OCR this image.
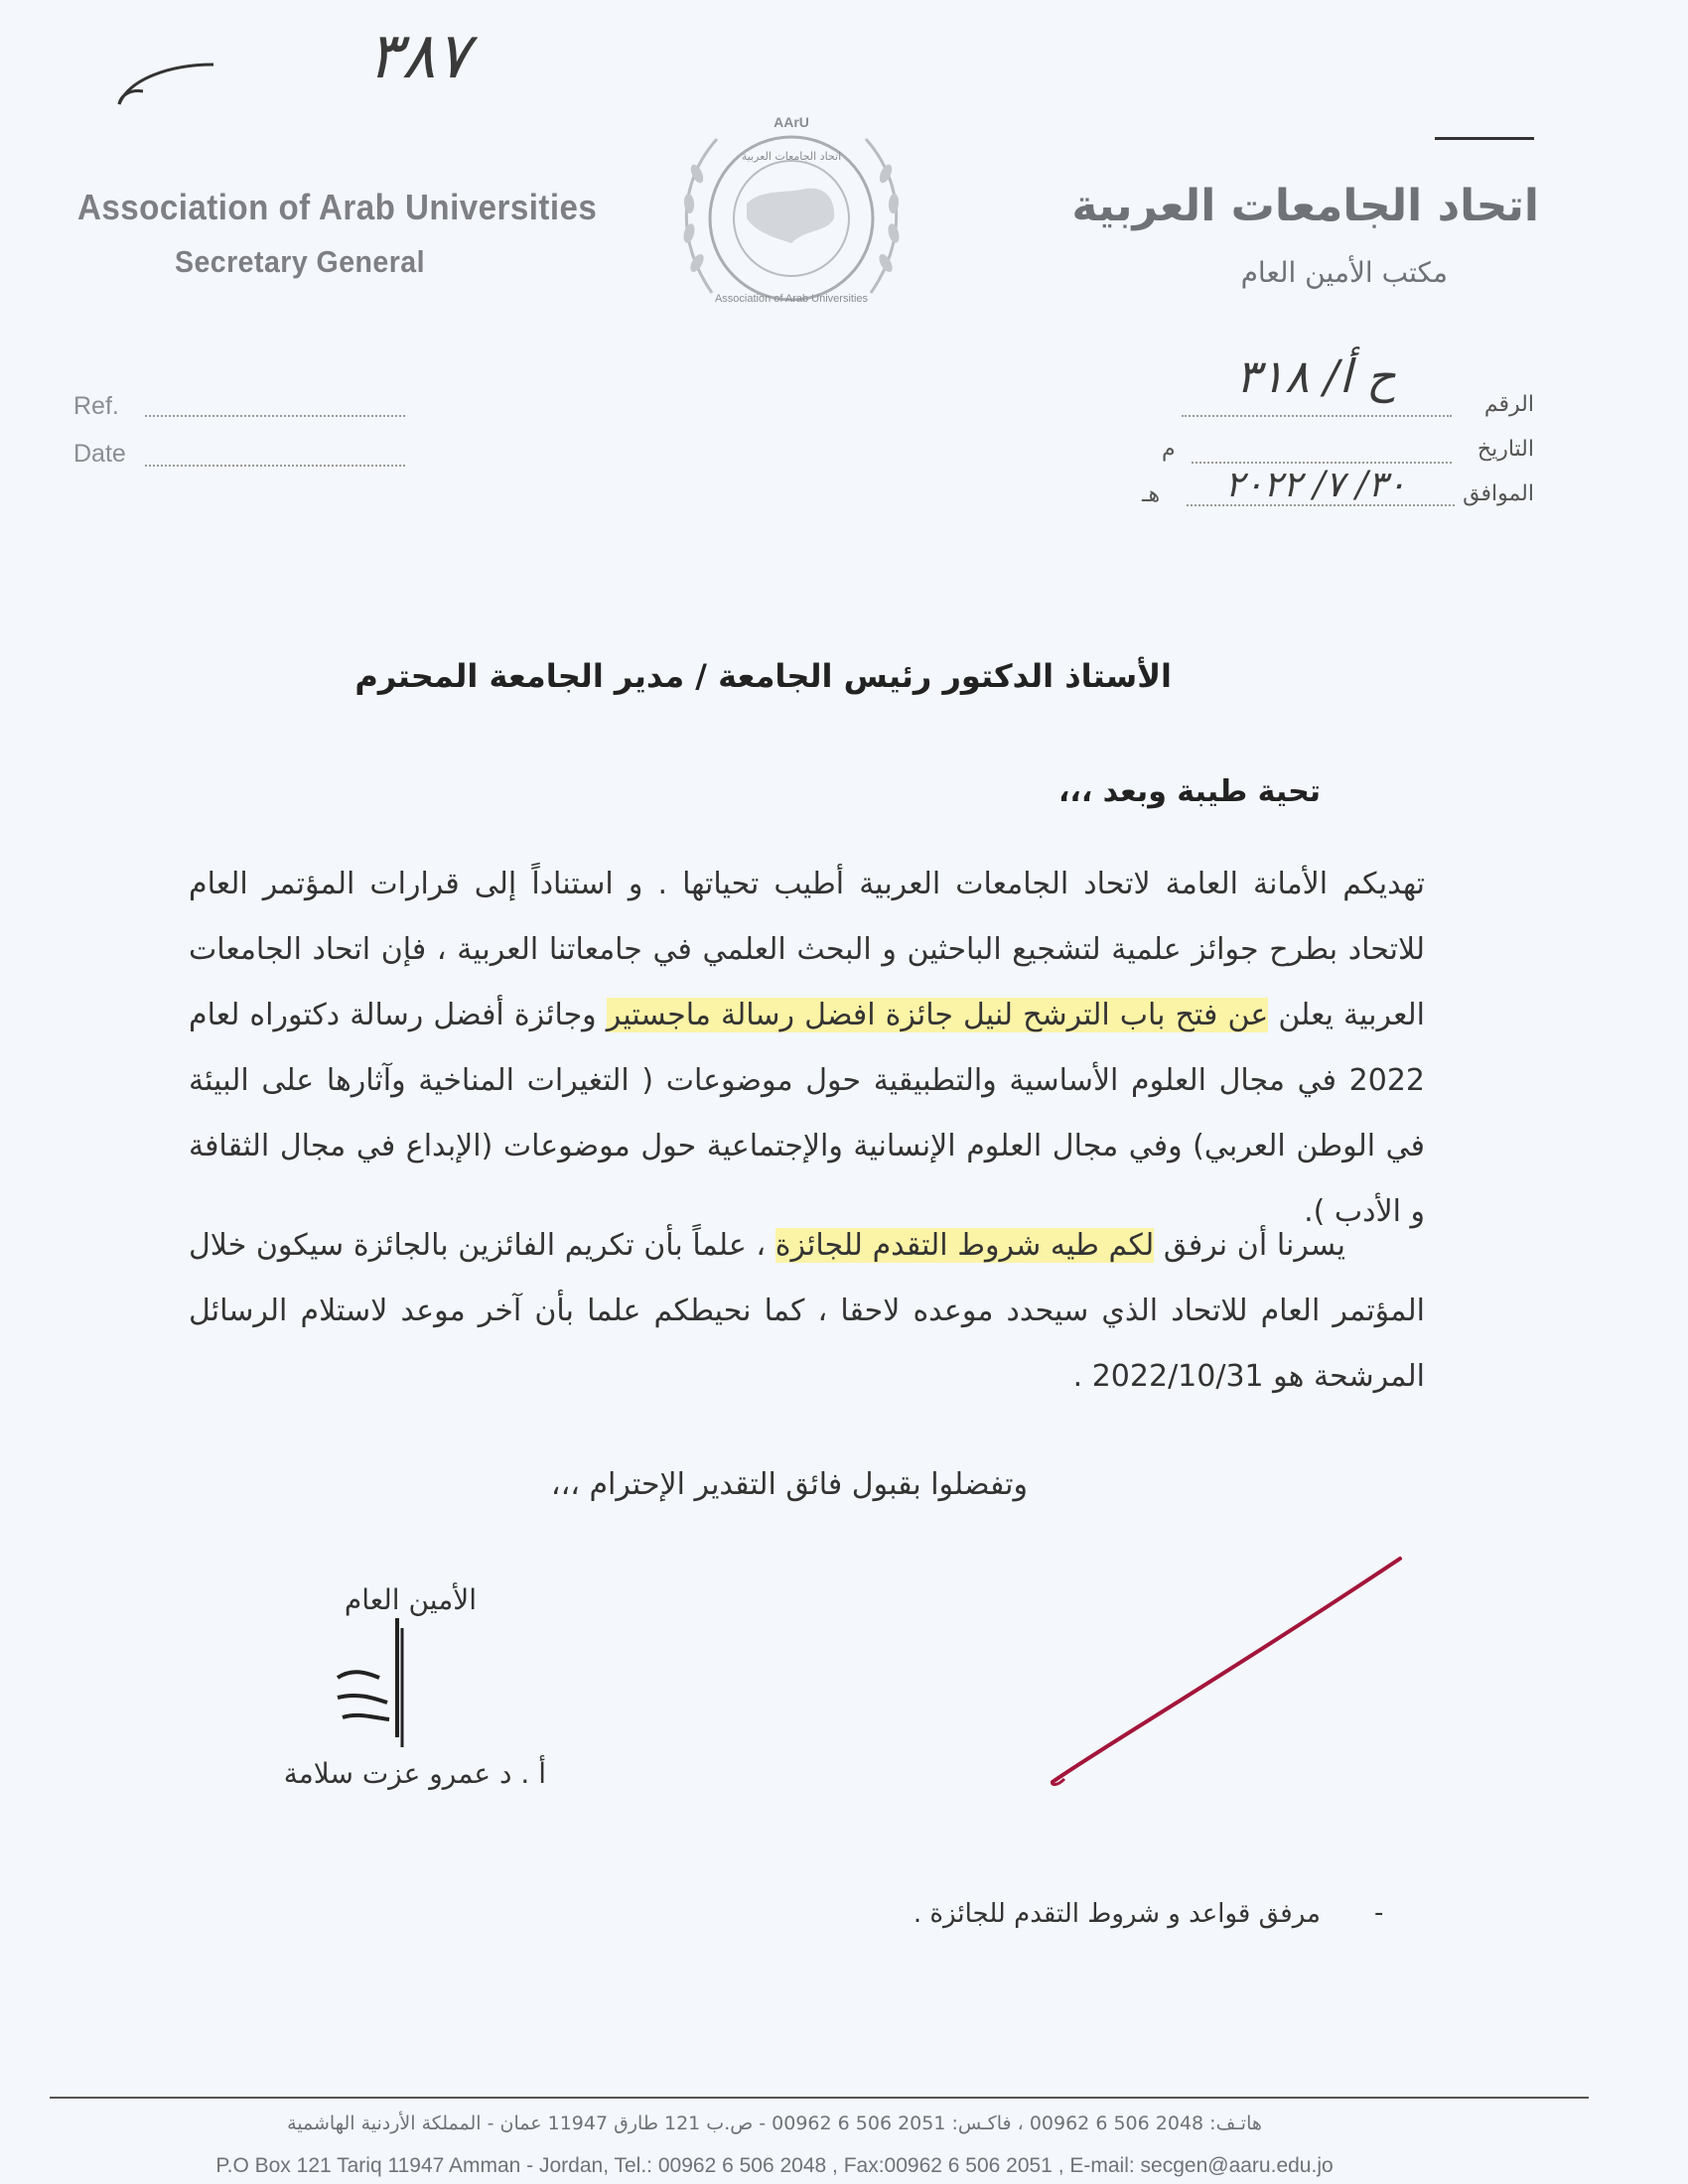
٣٨٧
Association of Arab Universities
Secretary General
اتحاد الجامعات العربية
مكتب الأمين العام
AArU
اتحاد الجامعات العربية
Association of Arab Universities
Ref.
Date
الرقم
ح أ/ ٣١٨
التاريخ
م
الموافق
٣٠/ ٧/ ٢٠٢٢
هـ
الأستاذ الدكتور رئيس الجامعة / مدير الجامعة المحترم
تحية طيبة وبعد ،،،
تهديكم الأمانة العامة لاتحاد الجامعات العربية أطيب تحياتها . و استناداً إلى قرارات المؤتمر العام للاتحاد بطرح جوائز علمية لتشجيع الباحثين و البحث العلمي في جامعاتنا العربية ، فإن اتحاد الجامعات العربية يعلن عن فتح باب الترشح لنيل جائزة افضل رسالة ماجستير وجائزة أفضل رسالة دكتوراه لعام 2022 في مجال العلوم الأساسية والتطبيقية حول موضوعات ( التغيرات المناخية وآثارها على البيئة في الوطن العربي) وفي مجال العلوم الإنسانية والإجتماعية حول موضوعات (الإبداع في مجال الثقافة و الأدب ).
يسرنا أن نرفق لكم طيه شروط التقدم للجائزة ، علماً بأن تكريم الفائزين بالجائزة سيكون خلال المؤتمر العام للاتحاد الذي سيحدد موعده لاحقا ، كما نحيطكم علما بأن آخر موعد لاستلام الرسائل المرشحة هو 2022/10/31 .
وتفضلوا بقبول فائق التقدير الإحترام ،،،
الأمين العام
أ . د عمرو عزت سلامة
مرفق قواعد و شروط التقدم للجائزة . -
هاتـف: 2048 506 6 00962 ، فاكـس: 2051 506 6 00962 - ص.ب 121 طارق 11947 عمان - المملكة الأردنية الهاشمية
P.O Box 121 Tariq 11947 Amman - Jordan, Tel.: 00962 6 506 2048 , Fax:00962 6 506 2051 , E-mail: secgen@aaru.edu.jo
